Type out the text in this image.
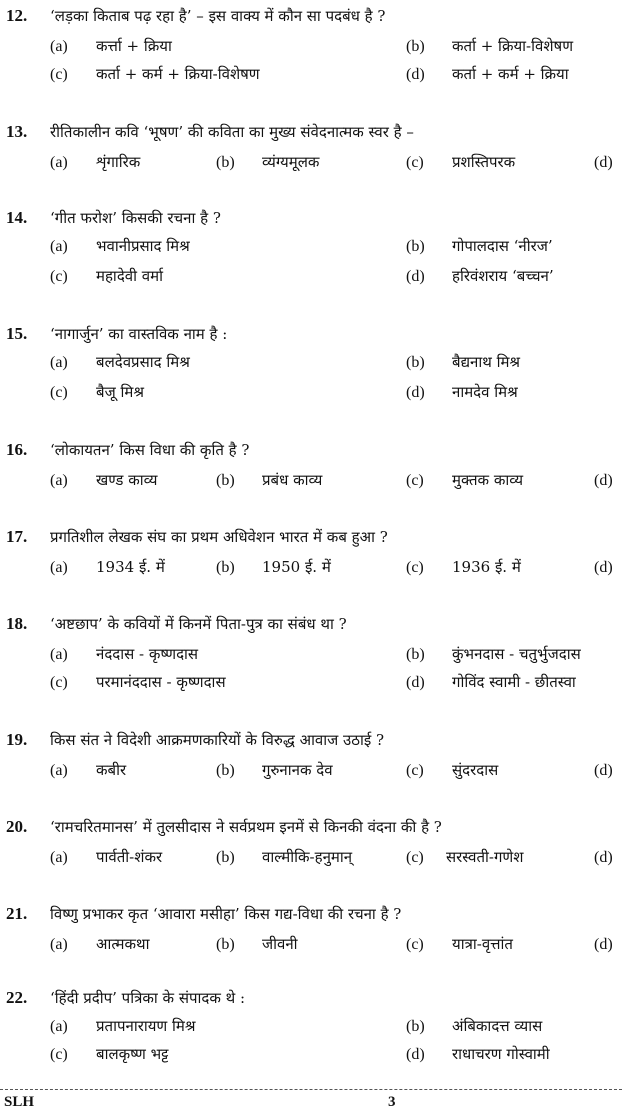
12. ‘लड़का किताब पढ़ रहा है’ – इस वाक्य में कौन सा पदबंध है ?
(a) कर्त्ता + क्रिया	(b) कर्ता + क्रिया-विशेषण
(c) कर्ता + कर्म + क्रिया-विशेषण	(d) कर्ता + कर्म + क्रिया
13. रीतिकालीन कवि ‘भूषण’ की कविता का मुख्य संवेदनात्मक स्वर है –
(a) शृंगारिक	(b) व्यंग्यमूलक	(c) प्रशस्तिपरक	(d)
14. ‘गीत फरोश’ किसकी रचना है ?
(a) भवानीप्रसाद मिश्र	(b) गोपालदास ‘नीरज’
(c) महादेवी वर्मा	(d) हरिवंशराय ‘बच्चन’
15. ‘नागार्जुन’ का वास्तविक नाम है :
(a) बलदेवप्रसाद मिश्र	(b) बैद्यनाथ मिश्र
(c) बैजू मिश्र	(d) नामदेव मिश्र
16. ‘लोकायतन’ किस विधा की कृति है ?
(a) खण्ड काव्य	(b) प्रबंध काव्य	(c) मुक्तक काव्य	(d)
17. प्रगतिशील लेखक संघ का प्रथम अधिवेशन भारत में कब हुआ ?
(a) 1934 ई. में	(b) 1950 ई. में	(c) 1936 ई. में	(d)
18. ‘अष्टछाप’ के कवियों में किनमें पिता-पुत्र का संबंध था ?
(a) नंददास - कृष्णदास	(b) कुंभनदास - चतुर्भुजदास
(c) परमानंददास - कृष्णदास	(d) गोविंद स्वामी - छीतस्वा
19. किस संत ने विदेशी आक्रमणकारियों के विरुद्ध आवाज उठाई ?
(a) कबीर	(b) गुरुनानक देव	(c) सुंदरदास	(d)
20. ‘रामचरितमानस’ में तुलसीदास ने सर्वप्रथम इनमें से किनकी वंदना की है ?
(a) पार्वती-शंकर	(b) वाल्मीकि-हनुमान्	(c) सरस्वती-गणेश	(d)
21. विष्णु प्रभाकर कृत ‘आवारा मसीहा’ किस गद्य-विधा की रचना है ?
(a) आत्मकथा	(b) जीवनी	(c) यात्रा-वृत्तांत	(d)
22. ‘हिंदी प्रदीप’ पत्रिका के संपादक थे :
(a) प्रतापनारायण मिश्र	(b) अंबिकादत्त व्यास
(c) बालकृष्ण भट्ट	(d) राधाचरण गोस्वामी
SLH	3
